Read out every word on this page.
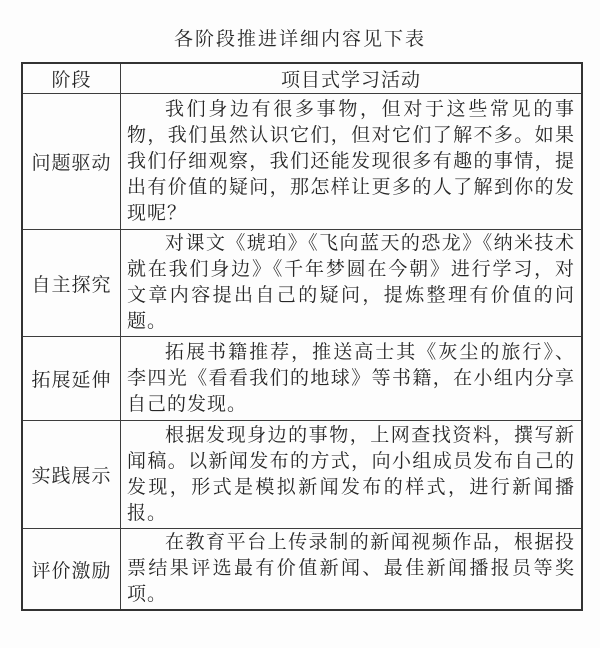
各阶段推进详细内容见下表
阶段	项目式学习活动
问题驱动	我们身边有很多事物，但对于这些常见的事物，我们虽然认识它们，但对它们了解不多。如果我们仔细观察，我们还能发现很多有趣的事情，提出有价值的疑问，那怎样让更多的人了解到你的发现呢？

自主探究	对课文《琥珀》《飞向蓝天的恐龙》《纳米技术就在我们身边》《千年梦圆在今朝》进行学习，对文章内容提出自己的疑问，提炼整理有价值的问题。

拓展延伸	拓展书籍推荐，推送高士其《灰尘的旅行》、李四光《看看我们的地球》等书籍，在小组内分享自己的发现。

实践展示	根据发现身边的事物，上网查找资料，撰写新闻稿。以新闻发布的方式，向小组成员发布自己的发现，形式是模拟新闻发布的样式，进行新闻播报。

评价激励	在教育平台上传录制的新闻视频作品，根据投票结果评选最有价值新闻、最佳新闻播报员等奖项。
